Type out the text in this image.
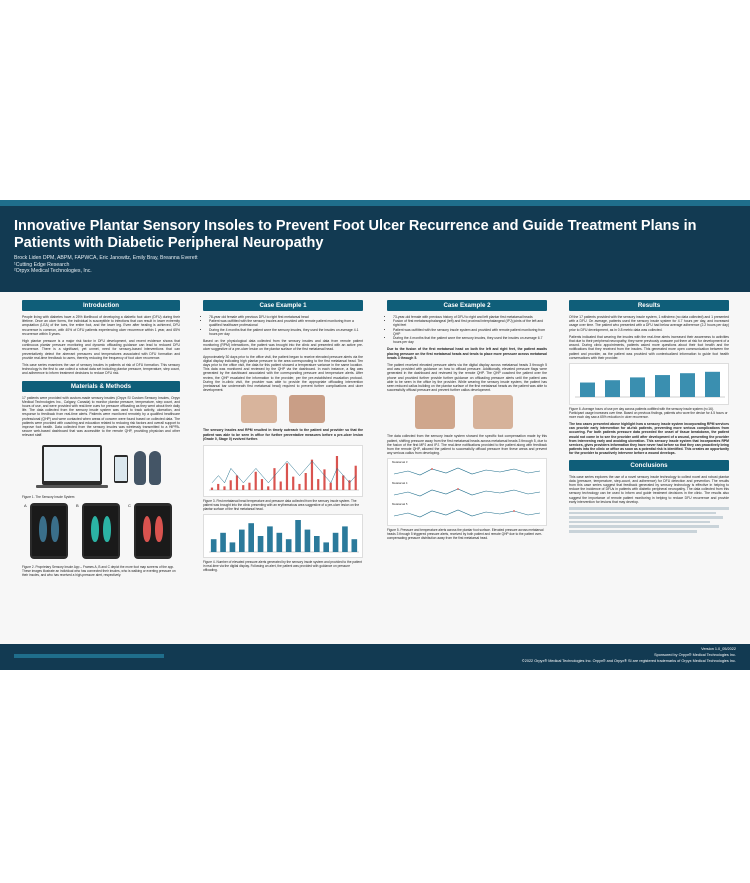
Innovative Plantar Sensory Insoles to Prevent Foot Ulcer Recurrence and Guide Treatment Plans in Patients with Diabetic Peripheral Neuropathy
Brock Liden DPM, ABPM, FAPWCA, Eric Janowitz, Emily Bray, Breanna Everett
¹Cutting Edge Research
²Orpyx Medical Technologies, Inc.
Introduction

People living with diabetes have a 25% likelihood of developing a diabetic foot ulcer (DFU) during their lifetime. Once an ulcer forms, the individual is susceptible to infections that can result in lower extremity amputation (LEA) of the toes, the entire foot, and the lower leg. Even after healing is achieved, DFU recurrence is common, with 40% of DFU patients experiencing ulcer recurrence within 1 year, and 65% recurrence within 5 years.

High plantar pressure is a major risk factor in DFU development, and recent evidence shows that continuous plantar pressure monitoring and dynamic offloading guidance can lead to reduced DFU recurrence. There is a significant, yet unmet, need for sensory-based interventions that can preventatively detect the aberrant pressures and temperatures associated with DFU formation and provide real-time feedback to users, thereby reducing the frequency of foot ulcer recurrence.

This case series examines the use of sensory insoles in patients at risk of DFU formation. This sensory technology is the first to use collect a robust data set including plantar pressure, temperature, step count, and adherence to inform treatment decisions to reduce DFU risk.

Materials & Methods

17 patients were provided with custom-made sensory insoles (Orpyx SI Custom Sensory Insoles, Orpyx Medical Technologies Inc., Calgary, Canada) to monitor plantar pressure, temperature, step count, and hours of use, and were provided with real-time cues for pressure offloading as they went about their daily life. The data collected from the sensory insole system was used to track activity, ulceration, and response to feedback from real-time alerts. Patients were monitored remotely by a qualified healthcare professional (QHP) and were contacted when areas of concern were found based on collected data. The patients were provided with coaching and education related to reducing risk factors and overall support to improve foot health. Data collected from the sensory insoles was wirelessly transmitted to a HIPPA-secure web-based dashboard that was accessible to the remote QHP, providing physician and other relevant staff.

Figure 1. The Sensory Insole System
A	B	C
Figure 2. Proprietary Sensory Insole App – Frames A, B and C depict the more foot map screens of the app. These images illustrate an individual who has connected their insoles, who is walking or exerting pressure on their insoles, and who has received a high-pressure alert, respectively.
Case Example 1
• 78-year old female with previous DFU to right first metatarsal head
• Patient was outfitted with the sensory insoles and provided with remote patient monitoring from a qualified healthcare professional
• During the 4 months that the patient wore the sensory insoles, they used the insoles on average 4.1 hours per day

Based on the physiological data collected from the sensory insoles and data from remote patient monitoring (RPM) interactions, the patient was brought into the clinic and presented with an active pre-ulcer suggestive of a pre-ulcer lesion on the plantar surface of the first metatarsal head.

Approximately 30 days prior to the office visit, the patient began to receive elevated pressure alerts via the digital display indicating high plantar pressure to the area corresponding to the first metatarsal head. Ten days prior to the office visit, the data for this patient showed a temperature variance in the same location. This data was monitored and reviewed by the QHP via the dashboard. In each instance, a flag was generated by the dashboard associated with the corresponding pressure and temperature alerts. After review, the QHP escalated the information to the provider, per the pre-established escalation protocol. During the in-clinic visit, the provider was able to provide the appropriate offloading intervention (metatarsal bar underneath first metatarsal head) required to prevent further complications and ulcer development.

The sensory insoles and RPM resulted in timely outreach to the patient and provider so that the patient was able to be seen in office for further preventative measures before a pre-ulcer lesion (Grade 0, Stage 0) evolved further.
Figure 3. First metatarsal head temperature and pressure data collected from the sensory insole system. The patient was brought into the clinic presenting with an erythematous area suggestive of a pre-ulcer lesion on the plantar surface of the first metatarsal head.
Figure 4. Number of elevated pressure alerts generated by the sensory insole system and provided to the patient in real-time via the digital display. Following an alert, the patient was provided with guidance on pressure offloading.
Case Example 2
• 73-year-old female with previous history of DFU to right and left plantar first metatarsal heads
• Fusion of first metatarsophalangeal (left) and first proximal interphalangeal (IPJ) joints of the left and right feet
• Patient was outfitted with the sensory insole system and provided with remote patient monitoring from QHP
• During the 4 months that the patient wore the sensory insoles, they used the insoles on average 6.7 hours per day

Due to the fusion of the first metatarsal head on both the left and right feet, the patient awaits placing pressure on the first metatarsal heads and tends to place more pressure across metatarsal heads 3 through 5.

The patient received elevated pressure alerts via the digital display across metatarsal heads 3 through 5 and was provided with guidance on how to offload pressure. Additionally, elevated pressure flags were generated in the dashboard and reviewed by the remote QHP. The QHP coached the patient over the phone and provided further provide further guidance on offloading pressure alerts until the patient was able to be seen in the office by the provider. While wearing the sensory insole system, the patient has seen reduced callus building on the plantar surface of the first metatarsal heads as the patient was able to successfully offload pressure and prevent further callus development.

The data collected from the sensory insole system showed the specific foot compensation made by this patient, shifting pressure away from the first metatarsal heads across metatarsal heads 3 through 5, due to the fusion of the first MPJ and IPJ. The real-time notifications provided to the patient along with feedback from the remote QHP, allowed the patient to successfully offload pressure from these areas and prevent any serious callus from developing.

Metatarsal 3
Metatarsal 4
Metatarsal 5
Figure 5. Pressure and temperature alerts across the plantar foot surface. Elevated pressure across metatarsal heads 3 through 5 triggered pressure alerts, received by both patient and remote QHP due to the patient over-compensating pressure distribution away from the first metatarsal head.
Results

Of the 17 patients provided with the sensory insole system, 1 withdrew (no data collected) and 1 presented with a DFU. On average, patients used the sensory insole system for 4.7 hours per day, and increased usage over time. The patient who presented with a DFU had below average adherence (2.2 hours per day) prior to DFU development, as in 0.8 metric data was collected.

Patients indicated that wearing the insoles with the real-time alerts increased their awareness to activities that due to their peripheral neuropathy, they were previously unaware put them at risk for development of a wound. During clinic appointments, patients asked more questions about their foot health and the notifications that they received from the insoles. This generated more open communication between the patient and provider, as the patient was provided with contextualized information to guide foot health conversations with their provider.

Figure 6. Average hours of use per day across patients outfitted with the sensory insole system (n=16). Participant usage increases over time. Based on previous findings, patients who wore the device for 4.5 hours or more each day saw a 65% reduction in ulcer recurrence.
The two cases presented above highlight how a sensory insole system incorporating RPM services can provide early intervention for at-risk patients, preventing more serious complications from occurring. For both patients pressure data preceded the onset of tissue breakdown, the patient would not come in to see the provider until after development of a wound, presenting the provider from intervening early and avoiding ulceration. This sensory insole system that incorporates RPM services, gives providers information they have never had before so that they can proactively bring patients into the clinic or office as soon as a potential risk is identified. This creates an opportunity for the provider to proactively intervene before a wound develops.
Conclusions

This case series explores the use of a novel sensory insole technology to collect novel and robust plantar data (pressure, temperature, step-count, and adherence) for DFU detection and prevention. The results from this case series suggest that feedback generated by sensory technology is effective in helping to reduce the incidence of DFUs in patients with diabetic peripheral neuropathy. The data collected from this sensory technology can be used to inform and guide treatment decisions in the clinic. The results also suggest the importance of remote patient monitoring in helping to reduce DFU recurrence and provide early intervention for lesions that may develop.

Version 1.0_05/2022
Sponsored by Orpyx® Medical Technologies Inc.
©2022 Orpyx® Medical Technologies Inc. Orpyx® and Orpyx® SI are registered trademarks of Orpyx Medical Technologies Inc.
